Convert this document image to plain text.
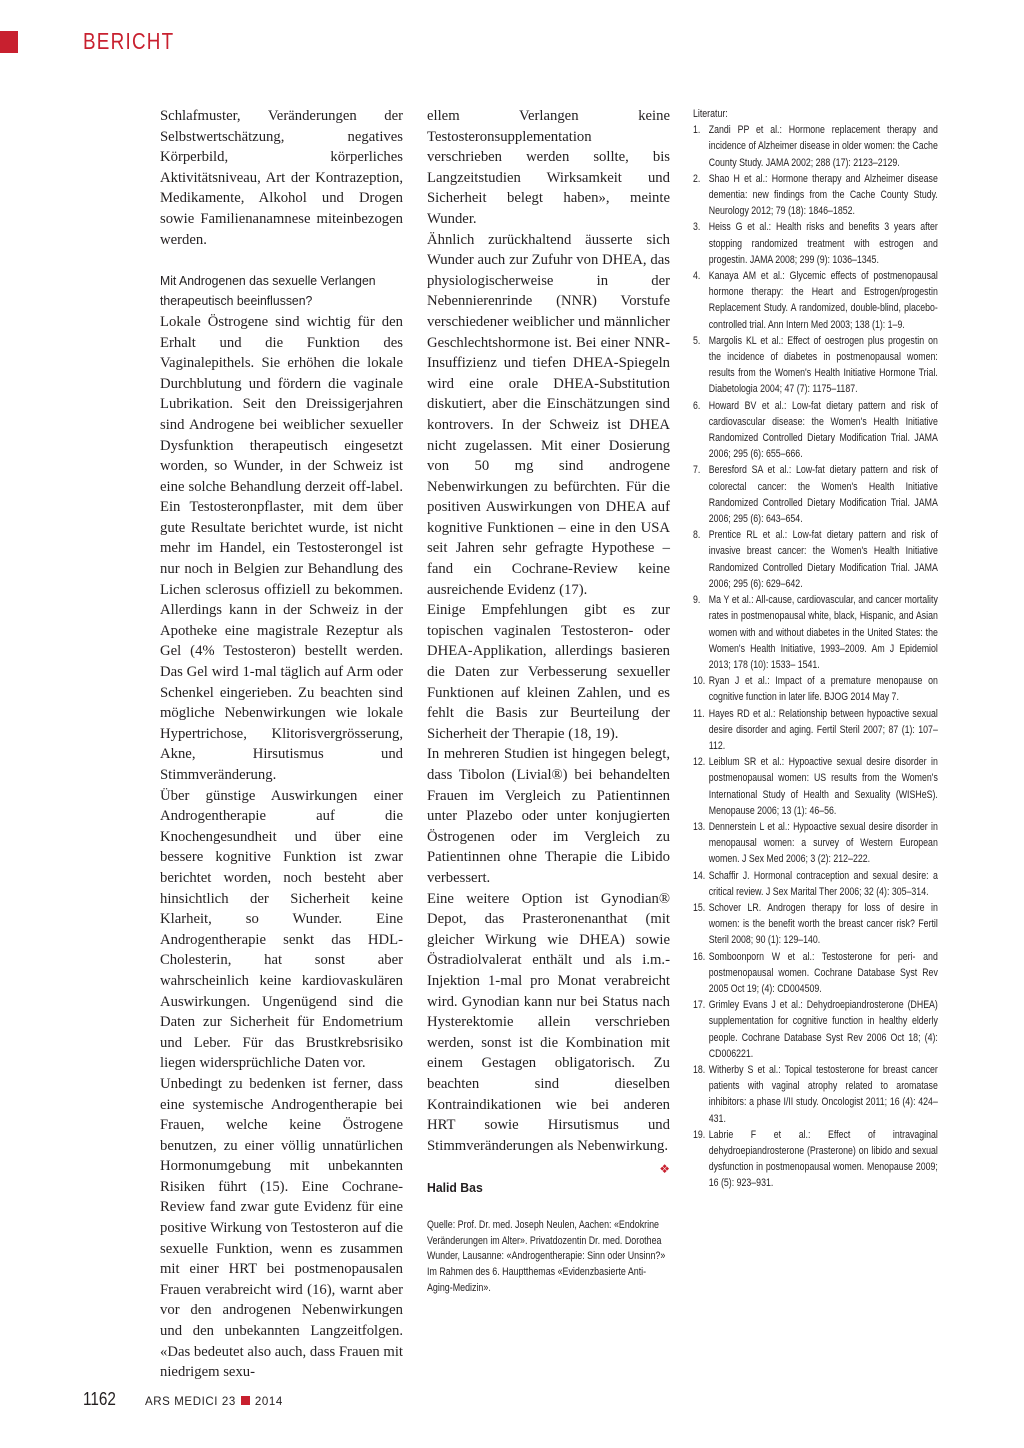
BERICHT

Schlafmuster, Veränderungen der Selbstwertschätzung, negatives Körperbild, körperliches Aktivitätsniveau, Art der Kontrazeption, Medikamente, Alkohol und Drogen sowie Familienanamnese miteinbezogen werden.

Mit Androgenen das sexuelle Verlangen therapeutisch beeinflussen?

Lokale Östrogene sind wichtig für den Erhalt und die Funktion des Vaginalepithels. Sie erhöhen die lokale Durchblutung und fördern die vaginale Lubrikation. Seit den Dreissigerjahren sind Androgene bei weiblicher sexueller Dysfunktion therapeutisch eingesetzt worden, so Wunder, in der Schweiz ist eine solche Behandlung derzeit off-label. Ein Testosteronpflaster, mit dem über gute Resultate berichtet wurde, ist nicht mehr im Handel, ein Testosterongel ist nur noch in Belgien zur Behandlung des Lichen sclerosus offiziell zu bekommen. Allerdings kann in der Schweiz in der Apotheke eine magistrale Rezeptur als Gel (4% Testosteron) bestellt werden. Das Gel wird 1-mal täglich auf Arm oder Schenkel eingerieben. Zu beachten sind mögliche Nebenwirkungen wie lokale Hypertrichose, Klitorisvergrösserung, Akne, Hirsutismus und Stimmveränderung.

Über günstige Auswirkungen einer Androgentherapie auf die Knochengesundheit und über eine bessere kognitive Funktion ist zwar berichtet worden, noch besteht aber hinsichtlich der Sicherheit keine Klarheit, so Wunder. Eine Androgentherapie senkt das HDL-Cholesterin, hat sonst aber wahrscheinlich keine kardiovaskulären Auswirkungen. Ungenügend sind die Daten zur Sicherheit für Endometrium und Leber. Für das Brustkrebsrisiko liegen widersprüchliche Daten vor.

Unbedingt zu bedenken ist ferner, dass eine systemische Androgentherapie bei Frauen, welche keine Östrogene benutzen, zu einer völlig unnatürlichen Hormonumgebung mit unbekannten Risiken führt (15). Eine Cochrane-Review fand zwar gute Evidenz für eine positive Wirkung von Testosteron auf die sexuelle Funktion, wenn es zusammen mit einer HRT bei postmenopausalen Frauen verabreicht wird (16), warnt aber vor den androgenen Nebenwirkungen und den unbekannten Langzeitfolgen. «Das bedeutet also auch, dass Frauen mit niedrigem sexu-

ellem Verlangen keine Testosteronsupplementation verschrieben werden sollte, bis Langzeitstudien Wirksamkeit und Sicherheit belegt haben», meinte Wunder.

Ähnlich zurückhaltend äusserte sich Wunder auch zur Zufuhr von DHEA, das physiologischerweise in der Nebennierenrinde (NNR) Vorstufe verschiedener weiblicher und männlicher Geschlechtshormone ist. Bei einer NNR-Insuffizienz und tiefen DHEA-Spiegeln wird eine orale DHEA-Substitution diskutiert, aber die Einschätzungen sind kontrovers. In der Schweiz ist DHEA nicht zugelassen. Mit einer Dosierung von 50 mg sind androgene Nebenwirkungen zu befürchten. Für die positiven Auswirkungen von DHEA auf kognitive Funktionen – eine in den USA seit Jahren sehr gefragte Hypothese – fand ein Cochrane-Review keine ausreichende Evidenz (17).

Einige Empfehlungen gibt es zur topischen vaginalen Testosteron- oder DHEA-Applikation, allerdings basieren die Daten zur Verbesserung sexueller Funktionen auf kleinen Zahlen, und es fehlt die Basis zur Beurteilung der Sicherheit der Therapie (18, 19).

In mehreren Studien ist hingegen belegt, dass Tibolon (Livial®) bei behandelten Frauen im Vergleich zu Patientinnen unter Plazebo oder unter konjugierten Östrogenen oder im Vergleich zu Patientinnen ohne Therapie die Libido verbessert.

Eine weitere Option ist Gynodian® Depot, das Prasteronenanthat (mit gleicher Wirkung wie DHEA) sowie Östradiolvalerat enthält und als i.m.-Injektion 1-mal pro Monat verabreicht wird. Gynodian kann nur bei Status nach Hysterektomie allein verschrieben werden, sonst ist die Kombination mit einem Gestagen obligatorisch. Zu beachten sind dieselben Kontraindikationen wie bei anderen HRT sowie Hirsutismus und Stimmveränderungen als Nebenwirkung.
❖

Halid Bas

Quelle: Prof. Dr. med. Joseph Neulen, Aachen: «Endokrine Veränderungen im Alter». Privatdozentin Dr. med. Dorothea Wunder, Lausanne: «Androgentherapie: Sinn oder Unsinn?» Im Rahmen des 6. Hauptthemas «Evidenzbasierte Anti-Aging-Medizin».

Literatur:

1. Zandi PP et al.: Hormone replacement therapy and incidence of Alzheimer disease in older women: the Cache County Study. JAMA 2002; 288 (17): 2123–2129.
2. Shao H et al.: Hormone therapy and Alzheimer disease dementia: new findings from the Cache County Study. Neurology 2012; 79 (18): 1846–1852.
3. Heiss G et al.: Health risks and benefits 3 years after stopping randomized treatment with estrogen and progestin. JAMA 2008; 299 (9): 1036–1345.
4. Kanaya AM et al.: Glycemic effects of postmenopausal hormone therapy: the Heart and Estrogen/progestin Replacement Study. A randomized, double-blind, placebo-controlled trial. Ann Intern Med 2003; 138 (1): 1–9.
5. Margolis KL et al.: Effect of oestrogen plus progestin on the incidence of diabetes in postmenopausal women: results from the Women's Health Initiative Hormone Trial. Diabetologia 2004; 47 (7): 1175–1187.
6. Howard BV et al.: Low-fat dietary pattern and risk of cardiovascular disease: the Women's Health Initiative Randomized Controlled Dietary Modification Trial. JAMA 2006; 295 (6): 655–666.
7. Beresford SA et al.: Low-fat dietary pattern and risk of colorectal cancer: the Women's Health Initiative Randomized Controlled Dietary Modification Trial. JAMA 2006; 295 (6): 643–654.
8. Prentice RL et al.: Low-fat dietary pattern and risk of invasive breast cancer: the Women's Health Initiative Randomized Controlled Dietary Modification Trial. JAMA 2006; 295 (6): 629–642.
9. Ma Y et al.: All-cause, cardiovascular, and cancer mortality rates in postmenopausal white, black, Hispanic, and Asian women with and without diabetes in the United States: the Women's Health Initiative, 1993–2009. Am J Epidemiol 2013; 178 (10): 1533– 1541.
10. Ryan J et al.: Impact of a premature menopause on cognitive function in later life. BJOG 2014 May 7.
11. Hayes RD et al.: Relationship between hypoactive sexual desire disorder and aging. Fertil Steril 2007; 87 (1): 107–112.
12. Leiblum SR et al.: Hypoactive sexual desire disorder in postmenopausal women: US results from the Women's International Study of Health and Sexuality (WISHeS). Menopause 2006; 13 (1): 46–56.
13. Dennerstein L et al.: Hypoactive sexual desire disorder in menopausal women: a survey of Western European women. J Sex Med 2006; 3 (2): 212–222.
14. Schaffir J. Hormonal contraception and sexual desire: a critical review. J Sex Marital Ther 2006; 32 (4): 305–314.
15. Schover LR. Androgen therapy for loss of desire in women: is the benefit worth the breast cancer risk? Fertil Steril 2008; 90 (1): 129–140.
16. Somboonporn W et al.: Testosterone for peri- and postmenopausal women. Cochrane Database Syst Rev 2005 Oct 19; (4): CD004509.
17. Grimley Evans J et al.: Dehydroepiandrosterone (DHEA) supplementation for cognitive function in healthy elderly people. Cochrane Database Syst Rev 2006 Oct 18; (4): CD006221.
18. Witherby S et al.: Topical testosterone for breast cancer patients with vaginal atrophy related to aromatase inhibitors: a phase I/II study. Oncologist 2011; 16 (4): 424–431.
19. Labrie F et al.: Effect of intravaginal dehydroepiandrosterone (Prasterone) on libido and sexual dysfunction in postmenopausal women. Menopause 2009; 16 (5): 923–931.
1162	ARS MEDICI 23 2014
